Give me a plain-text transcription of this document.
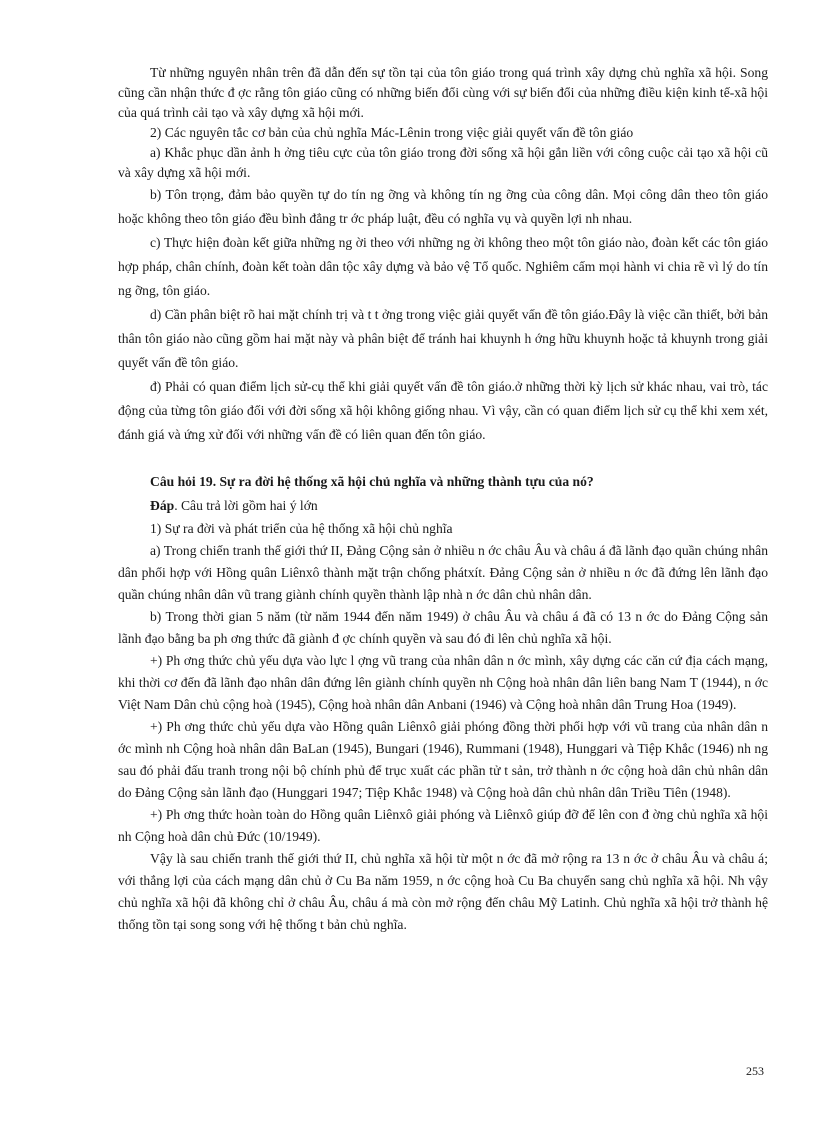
Từ những nguyên nhân trên đã dẫn đến sự tồn tại của tôn giáo trong quá trình xây dựng chủ nghĩa xã hội. Song cũng cần nhận thức đ ợc rằng tôn giáo cũng có những biến đổi cùng với sự biến đổi của những điều kiện kinh tế-xã hội của quá trình cải tạo và xây dựng xã hội mới.

2) Các nguyên tắc cơ bản của chủ nghĩa Mác-Lênin trong việc giải quyết vấn đề tôn giáo

a) Khắc phục dần ảnh h ởng tiêu cực của tôn giáo trong đời sống xã hội gắn liền với công cuộc cải tạo xã hội cũ và xây dựng xã hội mới.

b) Tôn trọng, đảm bảo quyền tự do tín ng ỡng và không tín ng ỡng của công dân. Mọi công dân theo tôn giáo hoặc không theo tôn giáo đều bình đẳng tr ớc pháp luật, đều có nghĩa vụ và quyền lợi nh nhau.

c) Thực hiện đoàn kết giữa những ng ời theo với những ng ời không theo một tôn giáo nào, đoàn kết các tôn giáo hợp pháp, chân chính, đoàn kết toàn dân tộc xây dựng và bảo vệ Tổ quốc. Nghiêm cấm mọi hành vi chia rẽ vì lý do tín ng ỡng, tôn giáo.

d) Cần phân biệt rõ hai mặt chính trị và t t ởng trong việc giải quyết vấn đề tôn giáo.Đây là việc cần thiết, bởi bản thân tôn giáo nào cũng gồm hai mặt này và phân biệt để tránh hai khuynh h ớng hữu khuynh hoặc tả khuynh trong giải quyết vấn đề tôn giáo.

đ) Phải có quan điểm lịch sử-cụ thể khi giải quyết vấn đề tôn giáo.ở những thời kỳ lịch sử khác nhau, vai trò, tác động của từng tôn giáo đối với đời sống xã hội không giống nhau. Vì vậy, cần có quan điểm lịch sử cụ thể khi xem xét, đánh giá và ứng xử đối với những vấn đề có liên quan đến tôn giáo.

Câu hỏi 19. Sự ra đời hệ thống xã hội chủ nghĩa và những thành tựu của nó?

Đáp. Câu trả lời gồm hai ý lớn

1) Sự ra đời và phát triển của hệ thống xã hội chủ nghĩa

a) Trong chiến tranh thế giới thứ II, Đảng Cộng sản ở nhiều n ớc châu Âu và châu á đã lãnh đạo quần chúng nhân dân phối hợp với Hồng quân Liênxô thành mặt trận chống phátxít. Đảng Cộng sản ở nhiều n ớc đã đứng lên lãnh đạo quần chúng nhân dân vũ trang giành chính quyền thành lập nhà n ớc dân chủ nhân dân.

b) Trong thời gian 5 năm (từ năm 1944 đến năm 1949) ở châu Âu và châu á đã có 13 n ớc do Đảng Cộng sản lãnh đạo bằng ba ph ơng thức đã giành đ ợc chính quyền và sau đó đi lên chủ nghĩa xã hội.

+) Ph ơng thức chủ yếu dựa vào lực l ợng vũ trang của nhân dân n ớc mình, xây dựng các căn cứ địa cách mạng, khi thời cơ đến đã lãnh đạo nhân dân đứng lên giành chính quyền nh Cộng hoà nhân dân liên bang Nam T (1944), n ớc Việt Nam Dân chủ cộng hoà (1945), Cộng hoà nhân dân Anbani (1946) và Cộng hoà nhân dân Trung Hoa (1949).

+) Ph ơng thức chủ yếu dựa vào Hồng quân Liênxô giải phóng đồng thời phối hợp với vũ trang của nhân dân n ớc mình nh Cộng hoà nhân dân BaLan (1945), Bungari (1946), Rummani (1948), Hunggari và Tiệp Khắc (1946) nh ng sau đó phải đấu tranh trong nội bộ chính phủ để trục xuất các phần tử t sản, trở thành n ớc cộng hoà dân chủ nhân dân do Đảng Cộng sản lãnh đạo (Hunggari 1947; Tiệp Khắc 1948) và Cộng hoà dân chủ nhân dân Triều Tiên (1948).

+) Ph ơng thức hoàn toàn do Hồng quân Liênxô giải phóng và Liênxô giúp đỡ để lên con đ ờng chủ nghĩa xã hội nh Cộng hoà dân chủ Đức (10/1949).

Vậy là sau chiến tranh thế giới thứ II, chủ nghĩa xã hội từ một n ớc đã mở rộng ra 13 n ớc ở châu Âu và châu á; với thắng lợi của cách mạng dân chủ ở Cu Ba năm 1959, n ớc cộng hoà Cu Ba chuyển sang chủ nghĩa xã hội. Nh vậy chủ nghĩa xã hội đã không chỉ ở châu Âu, châu á mà còn mở rộng đến châu Mỹ Latinh. Chủ nghĩa xã hội trở thành hệ thống tồn tại song song với hệ thống t bản chủ nghĩa.

253
